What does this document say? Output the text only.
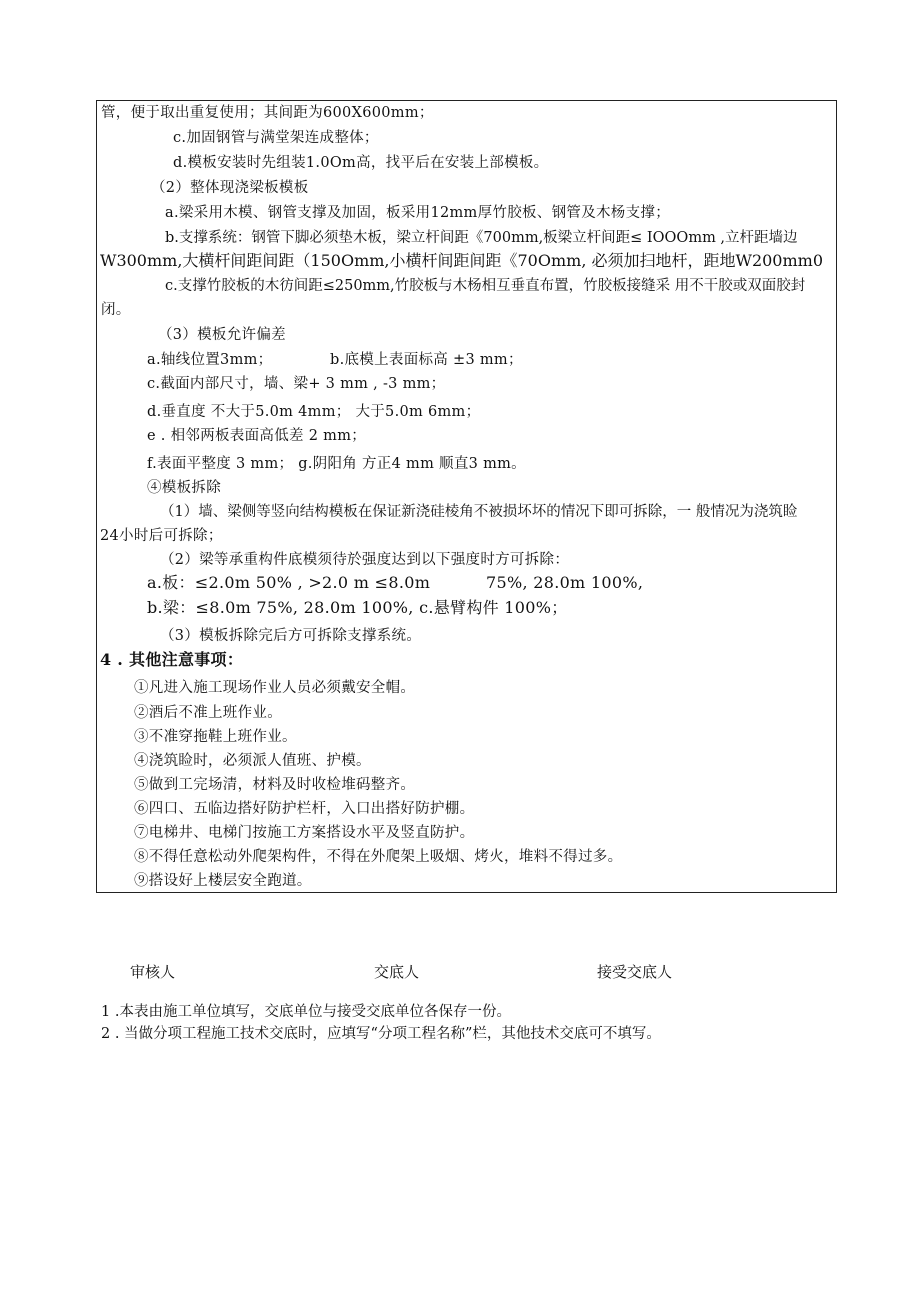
管，便于取出重复使用；其间距为600X600mm；
c.加固钢管与满堂架连成整体；
d.模板安装时先组装1.0Om高，找平后在安装上部模板。
（2）整体现浇梁板模板
a.梁采用木模、钢管支撑及加固，板采用12mm厚竹胶板、钢管及木杨支撑；
b.支撑系统：钢管下脚必须垫木板，梁立杆间距《700mm,板梁立杆间距≤ IOOOmm ,立杆距墙边
W300mm,大横杆间距间距（150Omm,小横杆间距间距《70Omm, 必须加扫地杆，距地W200mm0
c.支撑竹胶板的木彷间距≤250mm,竹胶板与木杨相互垂直布置，竹胶板接缝采 用不干胶或双面胶封
闭。
（3）模板允许偏差
a.轴线位置3mm；	b.底模上表面标高 ±3 mm；
c.截面内部尺寸，墙、梁+ 3 mm , -3 mm；
d.垂直度 不大于5.0m 4mm； 大于5.0m 6mm；
e . 相邻两板表面高低差 2 mm；
f.表面平整度 3 mm； g.阴阳角 方正4 mm 顺直3 mm。
④模板拆除
（1）墙、梁侧等竖向结构模板在保证新浇硅棱角不被损坏坏的情况下即可拆除，一 般情况为浇筑睑
24小时后可拆除；
（2）梁等承重构件底模须待於强度达到以下强度时方可拆除：
a.板：≤2.0m 50% , >2.0 m ≤8.0m	75%, 28.0m 100%,
b.梁：≤8.0m 75%, 28.0m 100%, c.悬臂构件 100%；
（3）模板拆除完后方可拆除支撑系统。
4 . 其他注意事项：
①凡进入施工现场作业人员必须戴安全帽。
②酒后不准上班作业。
③不准穿拖鞋上班作业。
④浇筑睑时，必须派人值班、护模。
⑤做到工完场清，材料及时收检堆码整齐。
⑥四口、五临边搭好防护栏杆，入口出搭好防护棚。
⑦电梯井、电梯门按施工方案搭设水平及竖直防护。
⑧不得任意松动外爬架构件，不得在外爬架上吸烟、烤火，堆料不得过多。
⑨搭设好上楼层安全跑道。
审核人	交底人	接受交底人
1 .本表由施工单位填写，交底单位与接受交底单位各保存一份。
2 . 当做分项工程施工技术交底时，应填写“分项工程名称”栏，其他技术交底可不填写。
